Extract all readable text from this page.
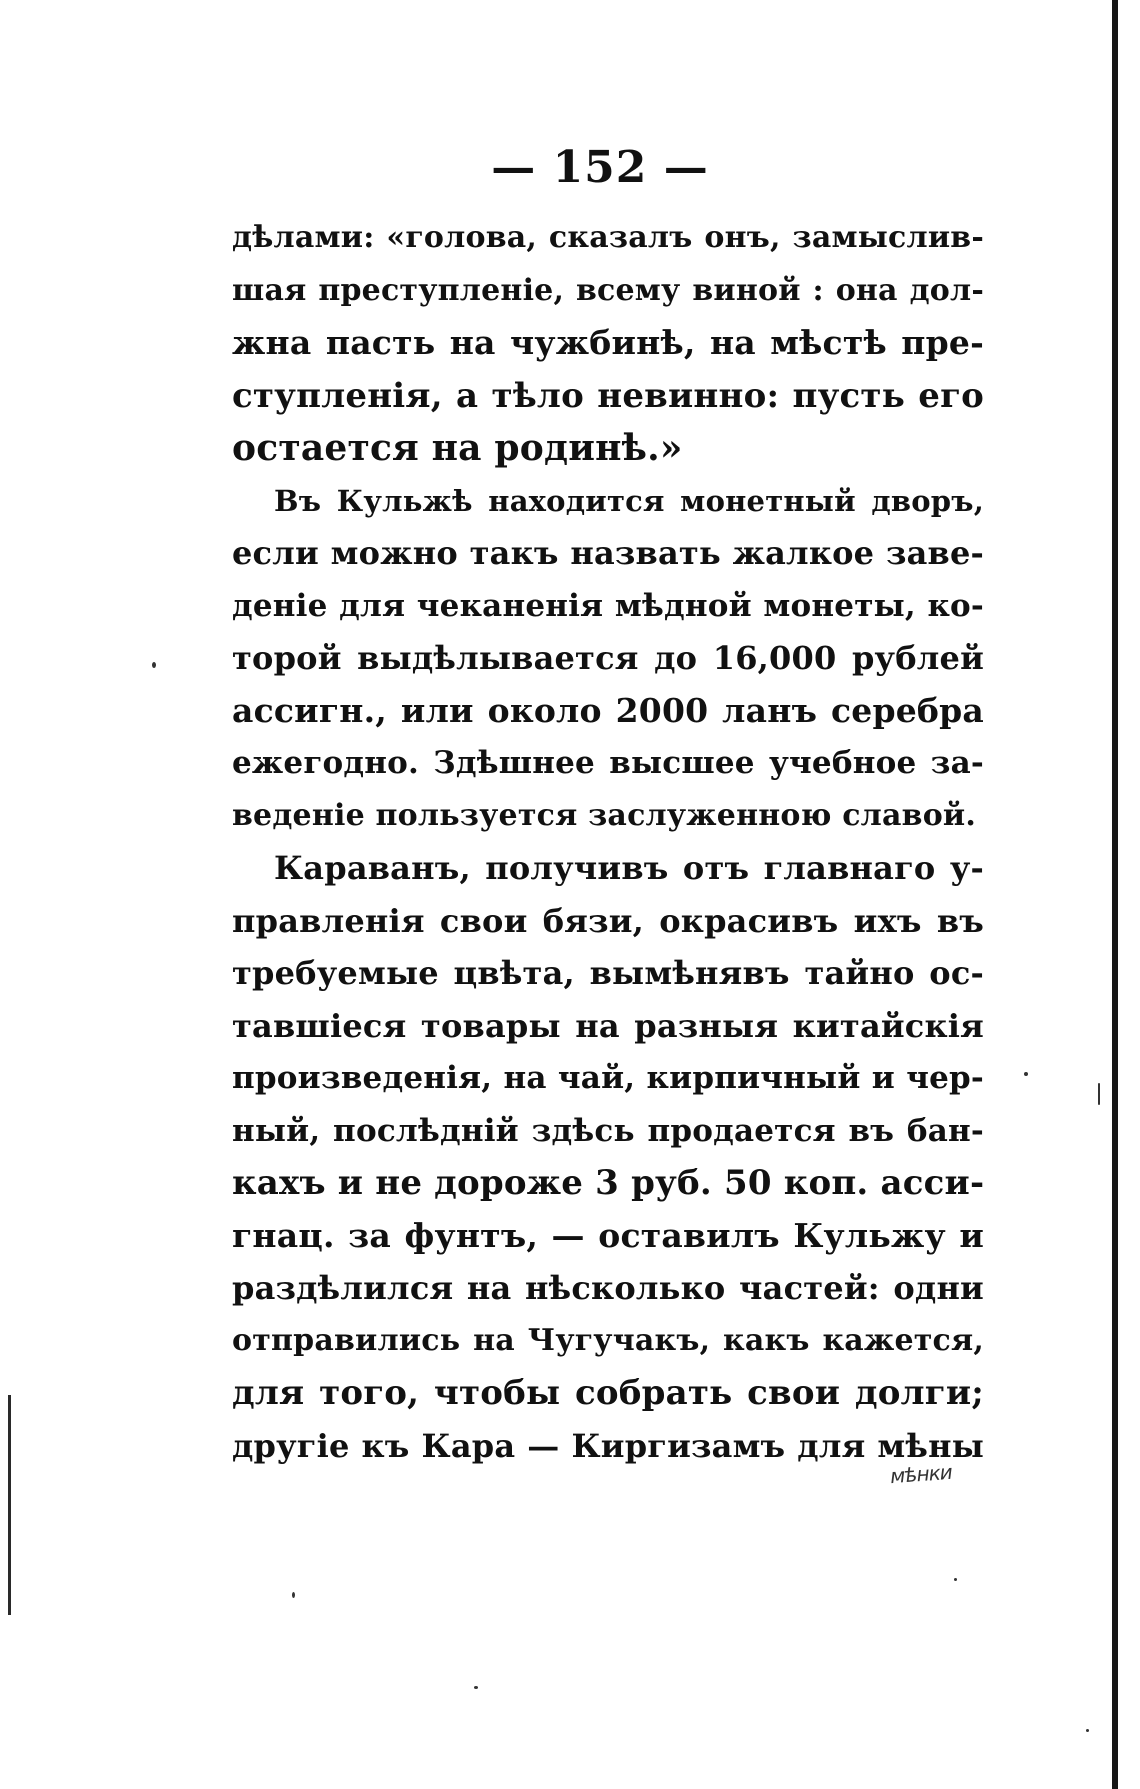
— 152 —
дѣлами: «голова, сказалъ онъ, замыслив-
шая преступленіе, всему виной : она дол-
жна пасть на чужбинѣ, на мѣстѣ пре-
ступленія, а тѣло невинно: пусть его
остается на родинѣ.»
Въ Кульжѣ находится монетный дворъ,
если можно такъ назвать жалкое заве-
деніе для чеканенія мѣдной монеты, ко-
торой выдѣлывается до 16,000 рублей
ассигн., или около 2000 ланъ серебра
ежегодно. Здѣшнее высшее учебное за-
веденіе пользуется заслуженною славой.
Караванъ, получивъ отъ главнаго у-
правленія свои бязи, окрасивъ ихъ въ
требуемые цвѣта, вымѣнявъ тайно ос-
тавшіеся товары на разныя китайскія
произведенія, на чай, кирпичный и чер-
ный, послѣдній здѣсь продается въ бан-
кахъ и не дороже 3 руб. 50 коп. асси-
гнац. за фунтъ, — оставилъ Кульжу и
раздѣлился на нѣсколько частей: одни
отправились на Чугучакъ, какъ кажется,
для того, чтобы собрать свои долги;
другіе къ Кара — Киргизамъ для мѣны
мѣнки
